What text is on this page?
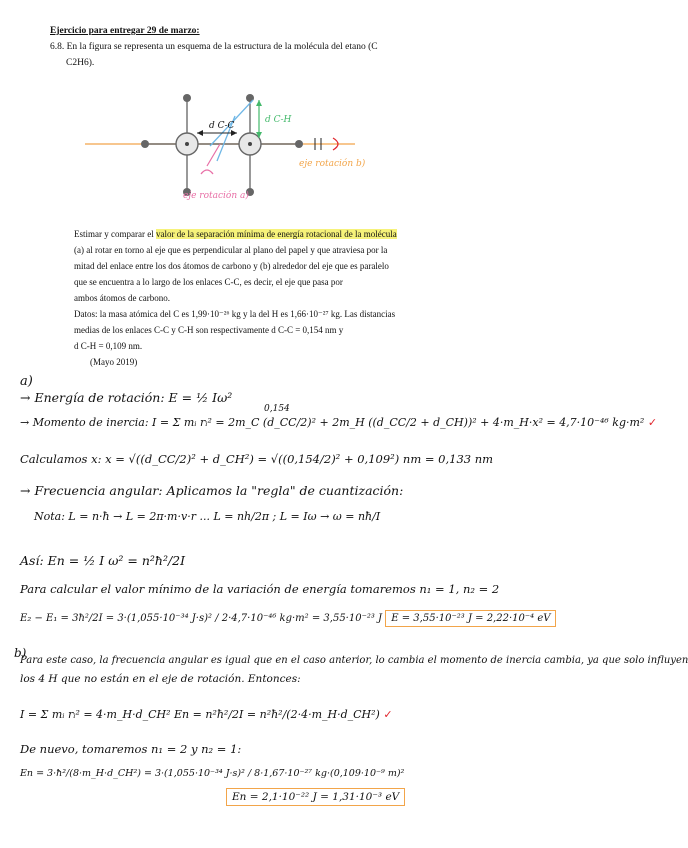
Ejercicio para entregar 29 de marzo:
6.8. En la figura se representa un esquema de la estructura de la molécula del etano (C
C2H6).
d C-C
d C-H
eje rotación b)
eje rotación a)
Estimar y comparar el valor de la separación mínima de energía rotacional de la molécula
(a) al rotar en torno al eje que es perpendicular al plano del papel y que atraviesa por la
mitad del enlace entre los dos átomos de carbono y (b) alrededor del eje que es paralelo
que se encuentra a lo largo de los enlaces C-C, es decir, el eje que pasa por
ambos átomos de carbono.
Datos: la masa atómica del C es 1,99·10⁻²⁶ kg y la del H es 1,66·10⁻²⁷ kg. Las distancias
medias de los enlaces C-C y C-H son respectivamente d C-C = 0,154 nm y
d C-H = 0,109 nm.
(Mayo 2019)
a)
→ Energía de rotación: E = ½ Iω²
0,154
→ Momento de inercia: I = Σ mᵢ rᵢ² = 2m_C (d_CC/2)² + 2m_H ((d_CC/2 + d_CH))² + 4·m_H·x² = 4,7·10⁻⁴⁶ kg·m² ✓
Calculamos x: x = √((d_CC/2)² + d_CH²) = √((0,154/2)² + 0,109²) nm = 0,133 nm
→ Frecuencia angular: Aplicamos la "regla" de cuantización:
Nota: L = n·ħ → L = 2π·m·v·r ... L = nh/2π ; L = Iω → ω = nħ/I
Así: En = ½ I ω² = n²ħ²/2I
Para calcular el valor mínimo de la variación de energía tomaremos n₁ = 1, n₂ = 2
E₂ − E₁ = 3ħ²/2I = 3·(1,055·10⁻³⁴ J·s)² / 2·4,7·10⁻⁴⁶ kg·m² = 3,55·10⁻²³ J E = 3,55·10⁻²³ J = 2,22·10⁻⁴ eV
b)
Para este caso, la frecuencia angular es igual que en el caso anterior, lo cambia el momento de inercia cambia, ya que solo influyen
los 4 H que no están en el eje de rotación. Entonces:
I = Σ mᵢ rᵢ² = 4·m_H·d_CH² En = n²ħ²/2I = n²ħ²/(2·4·m_H·d_CH²) ✓
De nuevo, tomaremos n₁ = 2 y n₂ = 1:
En = 3·ħ²/(8·m_H·d_CH²) = 3·(1,055·10⁻³⁴ J·s)² / 8·1,67·10⁻²⁷ kg·(0,109·10⁻⁹ m)²
En = 2,1·10⁻²² J = 1,31·10⁻³ eV
